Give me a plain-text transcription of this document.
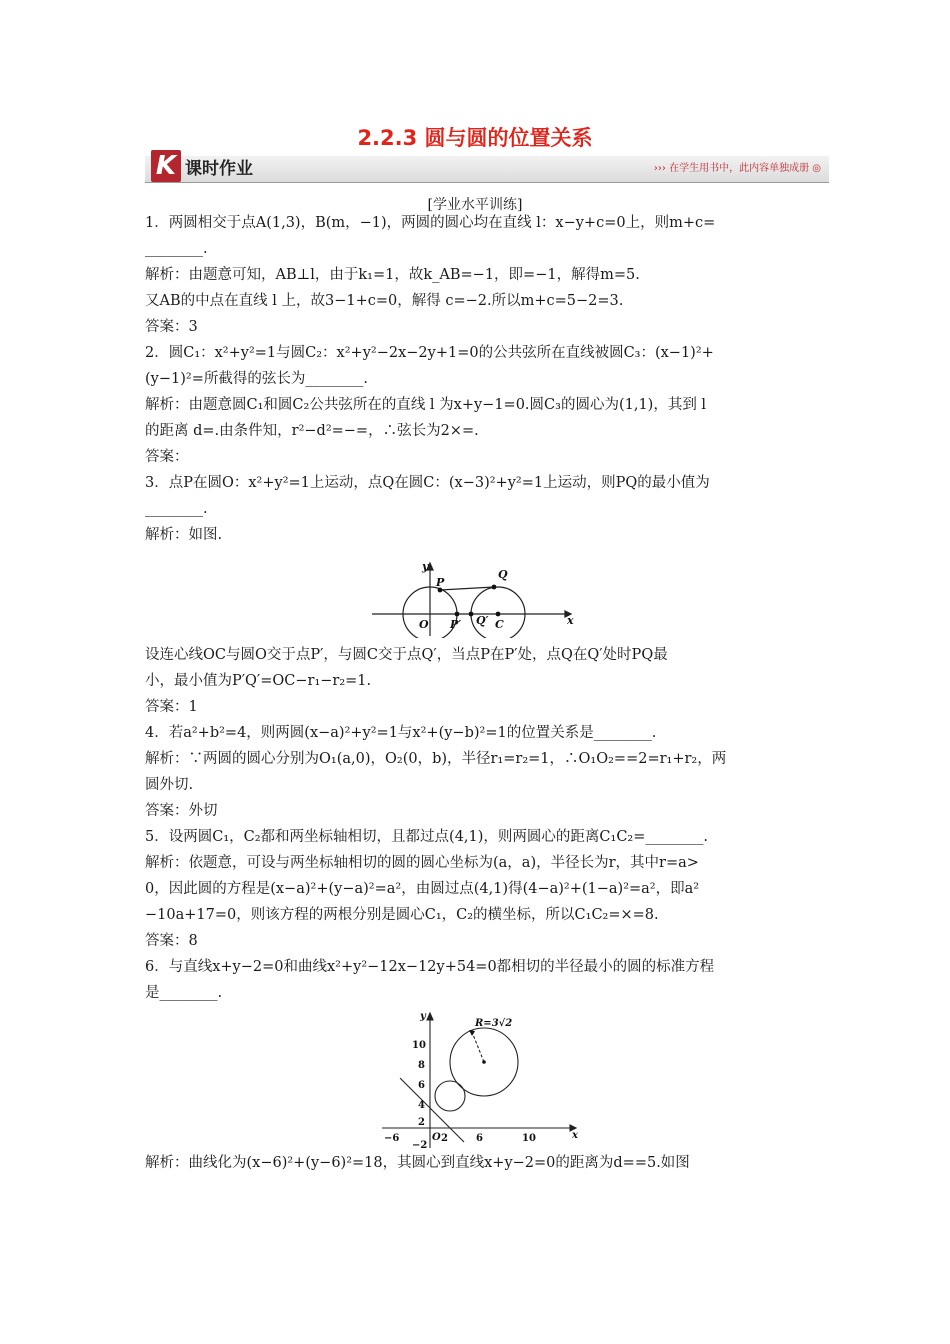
2.2.3 圆与圆的位置关系
K 课时作业	››› 在学生用书中，此内容单独成册 ◎
[学业水平训练]

1．两圆相交于点A(1,3)，B(m，−1)，两圆的圆心均在直线 l：x−y+c=0上，则m+c=

________.

解析：由题意可知，AB⊥l，由于k₁=1，故k_AB=−1，即=−1，解得m=5.

又AB的中点在直线 l 上，故3−1+c=0，解得 c=−2.所以m+c=5−2=3.

答案：3

2．圆C₁：x²+y²=1与圆C₂：x²+y²−2x−2y+1=0的公共弦所在直线被圆C₃：(x−1)²+

(y−1)²=所截得的弦长为________.

解析：由题意圆C₁和圆C₂公共弦所在的直线 l 为x+y−1=0.圆C₃的圆心为(1,1)，其到 l

的距离 d=.由条件知，r²−d²=−=，∴弦长为2×=.

答案：

3．点P在圆O：x²+y²=1上运动，点Q在圆C：(x−3)²+y²=1上运动，则PQ的最小值为

________.

解析：如图.

y
x
O
P
P′
Q
Q′ C

设连心线OC与圆O交于点P′，与圆C交于点Q′，当点P在P′处，点Q在Q′处时PQ最

小，最小值为P′Q′=OC−r₁−r₂=1.

答案：1

4．若a²+b²=4，则两圆(x−a)²+y²=1与x²+(y−b)²=1的位置关系是________.

解析：∵两圆的圆心分别为O₁(a,0)，O₂(0，b)，半径r₁=r₂=1，∴O₁O₂==2=r₁+r₂，两

圆外切.

答案：外切

5．设两圆C₁，C₂都和两坐标轴相切，且都过点(4,1)，则两圆心的距离C₁C₂=________.

解析：依题意，可设与两坐标轴相切的圆的圆心坐标为(a，a)，半径长为r，其中r=a>

0，因此圆的方程是(x−a)²+(y−a)²=a²，由圆过点(4,1)得(4−a)²+(1−a)²=a²，即a²

−10a+17=0，则该方程的两根分别是圆心C₁，C₂的横坐标，所以C₁C₂=×=8.

答案：8

6．与直线x+y−2=0和曲线x²+y²−12x−12y+54=0都相切的半径最小的圆的标准方程

是________.

y
x
O
R=3√2
−6	2	6	10
10
8
6
4
2
−2

解析：曲线化为(x−6)²+(y−6)²=18，其圆心到直线x+y−2=0的距离为d==5.如图
